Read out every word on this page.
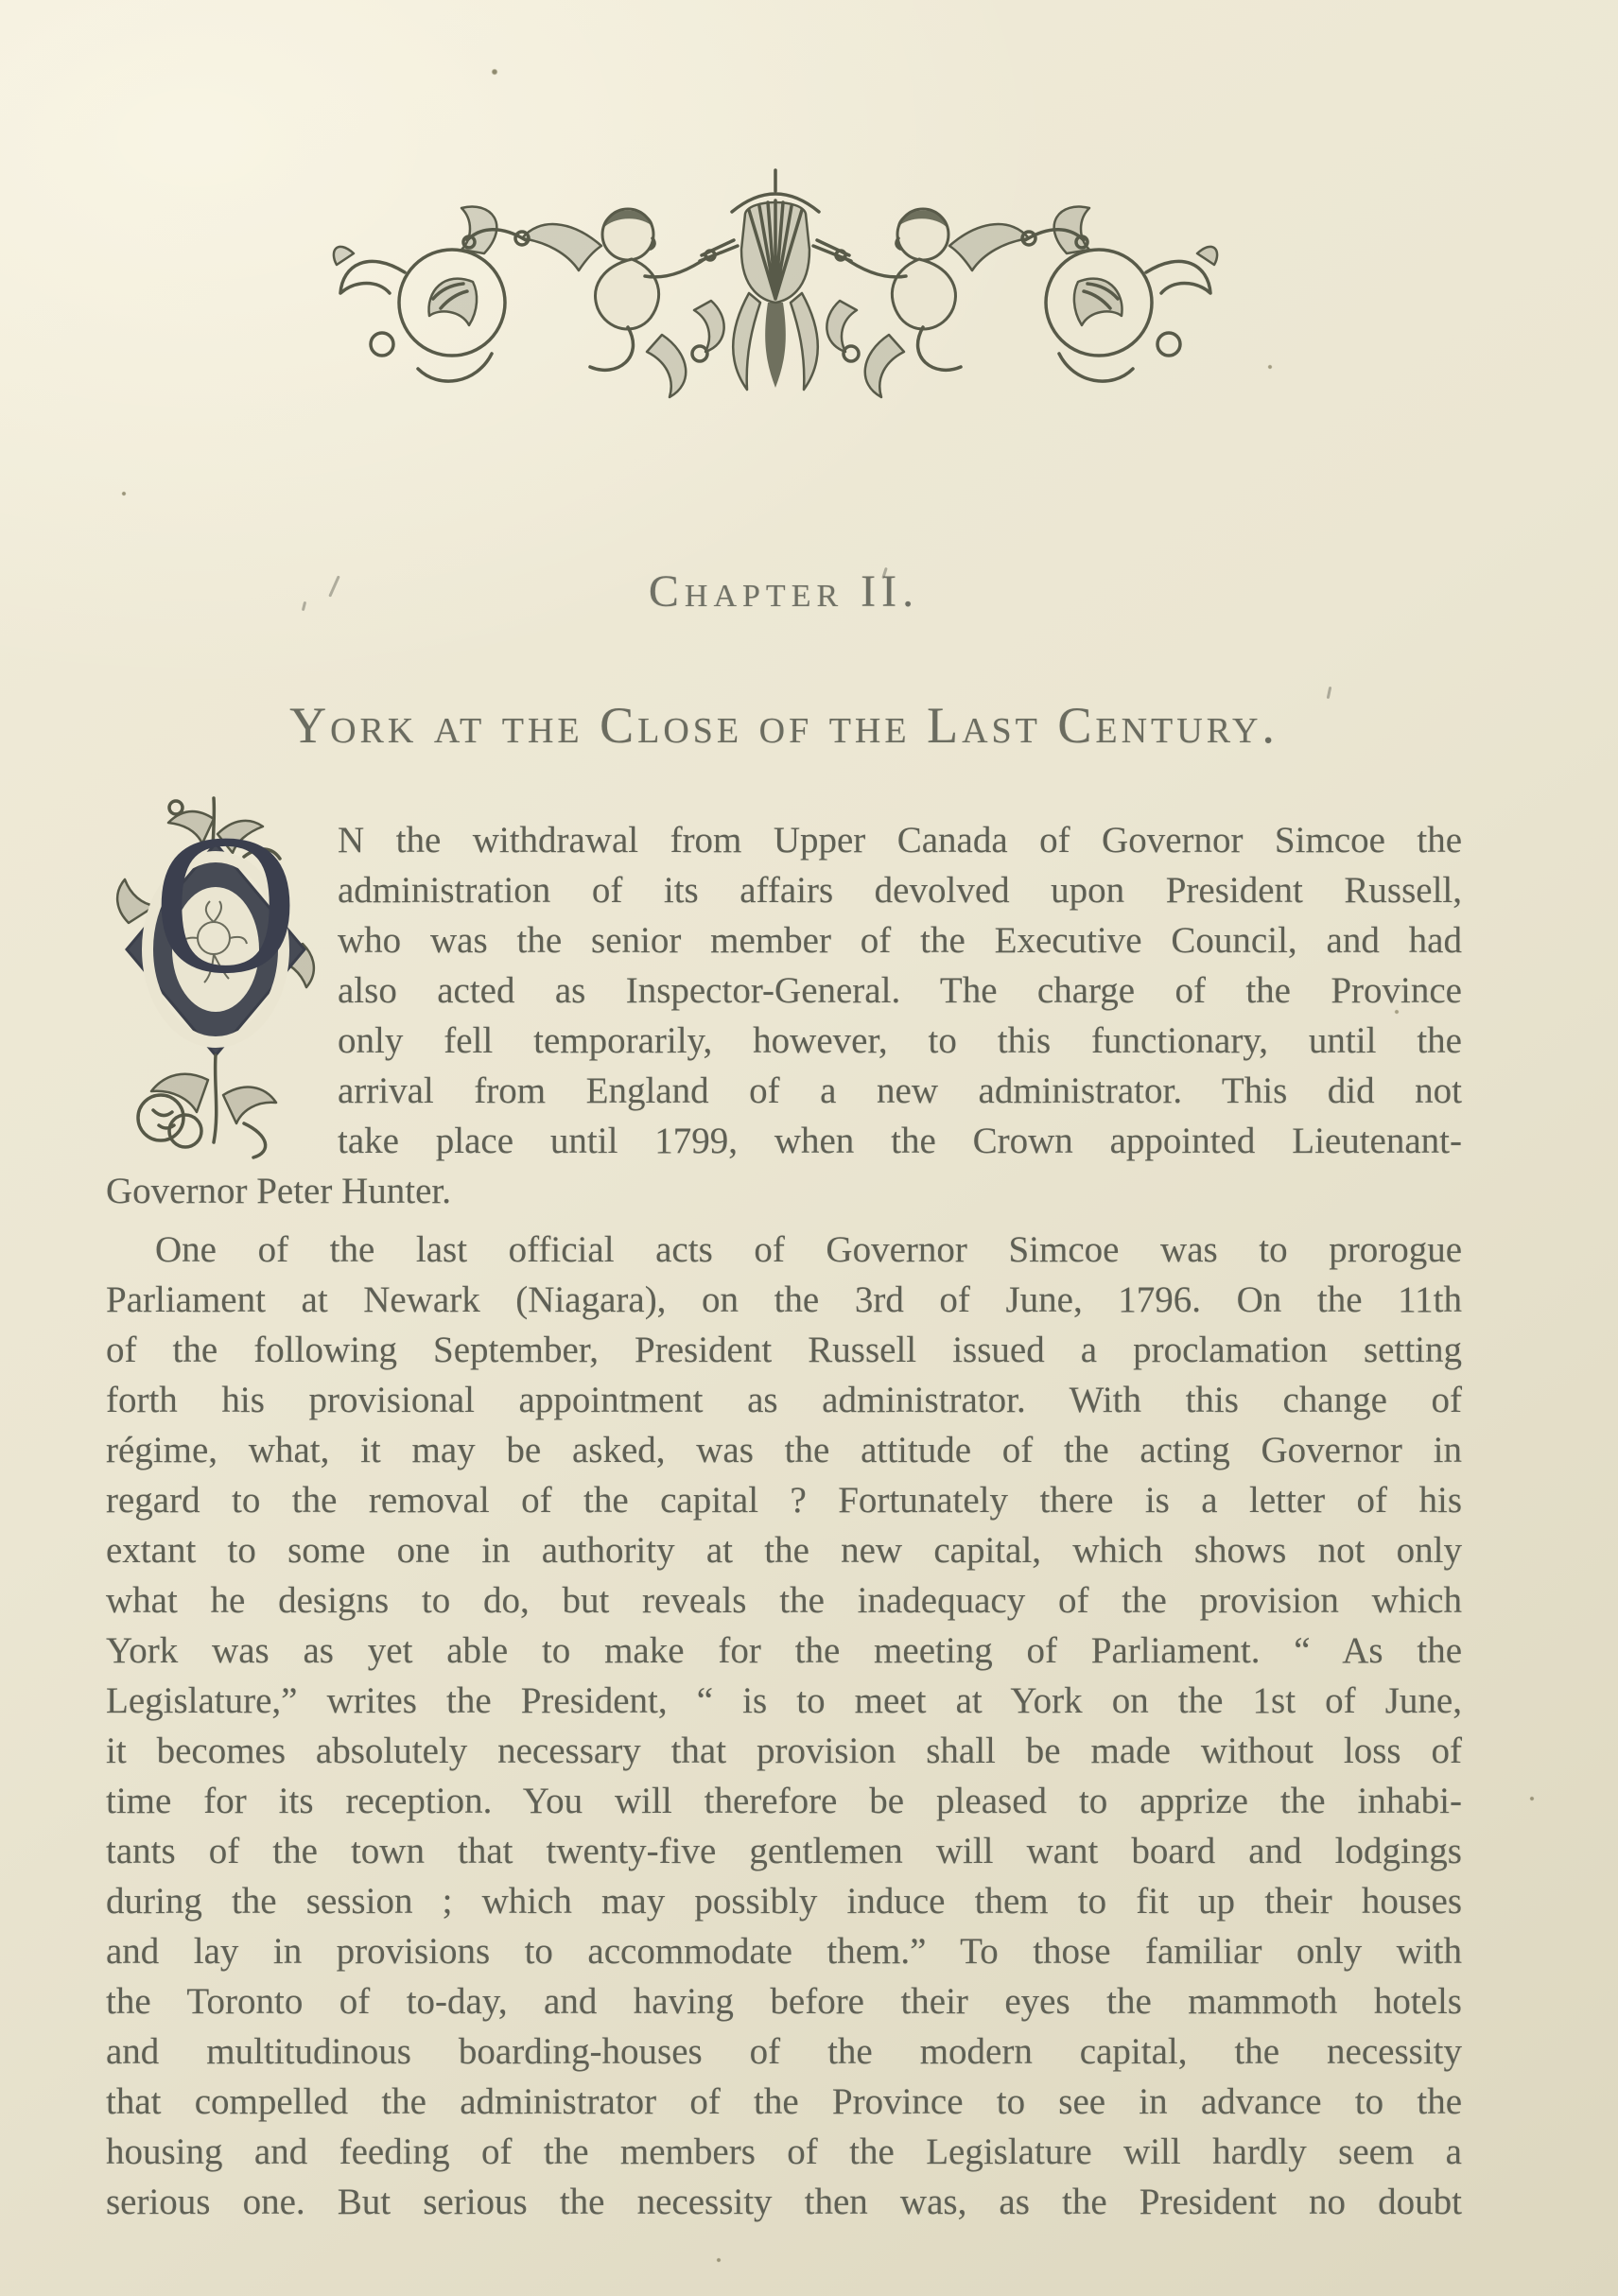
Chapter II.
York at the Close of the Last Century.
O	N the withdrawal from Upper Canada of Governor Simcoe the
administration of its affairs devolved upon President Russell,
who was the senior member of the Executive Council, and had
also acted as Inspector-General. The charge of the Province
only fell temporarily, however, to this functionary, until the
arrival from England of a new administrator. This did not
take place until 1799, when the Crown appointed Lieutenant-
Governor Peter Hunter.
One of the last official acts of Governor Simcoe was to prorogue
Parliament at Newark (Niagara), on the 3rd of June, 1796. On the 11th
of the following September, President Russell issued a proclamation setting
forth his provisional appointment as administrator. With this change of
régime, what, it may be asked, was the attitude of the acting Governor in
regard to the removal of the capital ? Fortunately there is a letter of his
extant to some one in authority at the new capital, which shows not only
what he designs to do, but reveals the inadequacy of the provision which
York was as yet able to make for the meeting of Parliament. “ As the
Legislature,” writes the President, “ is to meet at York on the 1st of June,
it becomes absolutely necessary that provision shall be made without loss of
time for its reception. You will therefore be pleased to apprize the inhabi-
tants of the town that twenty-five gentlemen will want board and lodgings
during the session ; which may possibly induce them to fit up their houses
and lay in provisions to accommodate them.” To those familiar only with
the Toronto of to-day, and having before their eyes the mammoth hotels
and multitudinous boarding-houses of the modern capital, the necessity
that compelled the administrator of the Province to see in advance to the
housing and feeding of the members of the Legislature will hardly seem a
serious one. But serious the necessity then was, as the President no doubt
